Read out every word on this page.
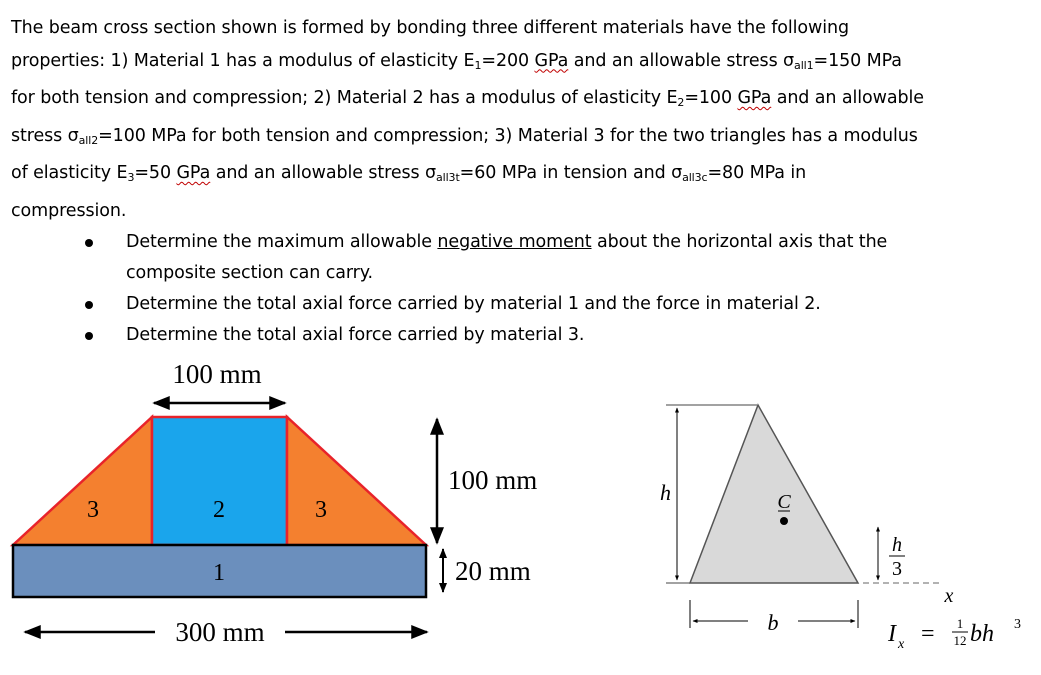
The beam cross section shown is formed by bonding three different materials have the following
properties: 1) Material 1 has a modulus of elasticity $E_1=200$ GPa and an allowable stress $\sigma_{all1}=150$ MPa
for both tension and compression; 2) Material 2 has a modulus of elasticity $E_2=100$ GPa and an allowable
stress $\sigma_{all2}=100$ MPa for both tension and compression; 3) Material 3 for the two triangles has a modulus
of elasticity $E_3=50$ GPa and an allowable stress $\sigma_{all3t}=60$ MPa in tension and $\sigma_{all3c}=80$ MPa in
compression.

Determine the maximum allowable negative moment about the horizontal axis that the
composite section can carry.
Determine the total axial force carried by material 1 and the force in material 2.
Determine the total axial force carried by material 3.
3	2	3
1
100 mm
100 mm
20 mm
300 mm
h	C
h
3
x
b	I x = 1
12 bh 3
